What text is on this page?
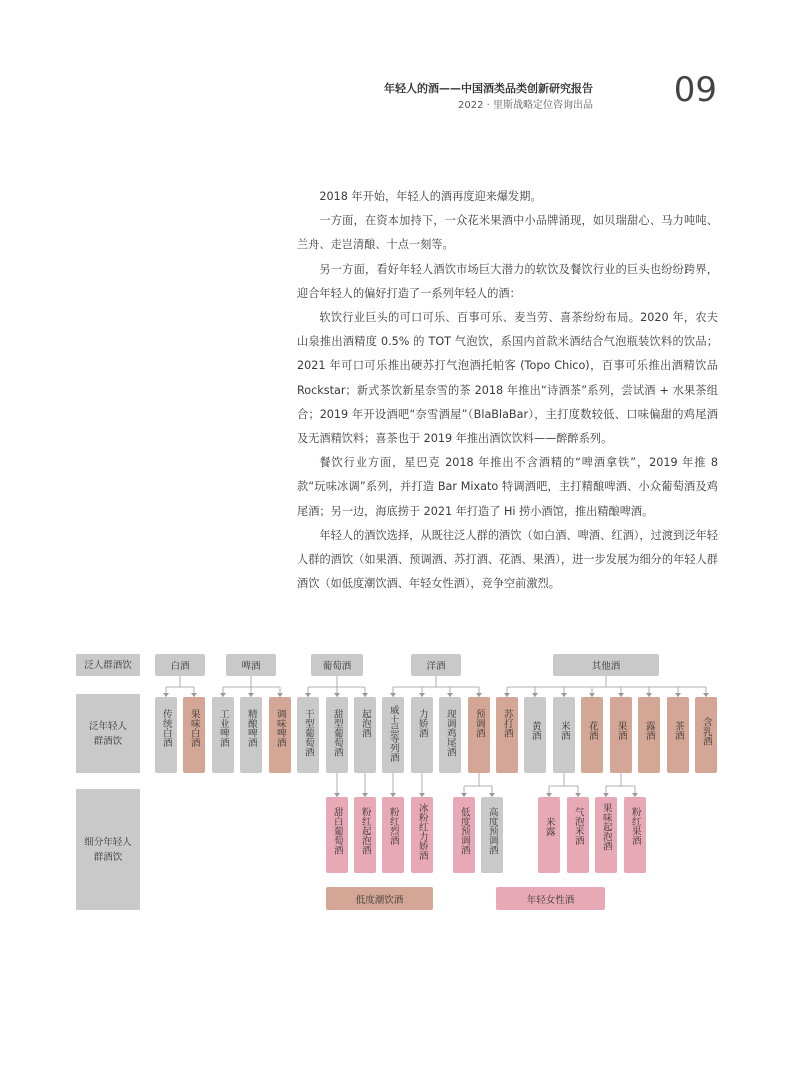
年轻人的酒——中国酒类品类创新研究报告
2022 · 里斯战略定位咨询出品 09

2018 年开始，年轻人的酒再度迎来爆发期。

一方面，在资本加持下，一众花米果酒中小品牌涌现，如贝瑞甜心、马力吨吨、兰舟、走岂清酿、十点一刻等。

另一方面，看好年轻人酒饮市场巨大潜力的软饮及餐饮行业的巨头也纷纷跨界，迎合年轻人的偏好打造了一系列年轻人的酒：

软饮行业巨头的可口可乐、百事可乐、麦当劳、喜茶纷纷布局。2020 年，农夫山泉推出酒精度 0.5% 的 TOT 气泡饮，系国内首款米酒结合气泡瓶装饮料的饮品；2021 年可口可乐推出硬苏打气泡酒托帕客 (Topo Chico)，百事可乐推出酒精饮品 Rockstar；新式茶饮新星奈雪的茶 2018 年推出“诗酒茶”系列，尝试酒 + 水果茶组合；2019 年开设酒吧“奈雪酒屋”（BlaBlaBar），主打度数较低、口味偏甜的鸡尾酒及无酒精饮料；喜茶也于 2019 年推出酒饮饮料——醉醉系列。

餐饮行业方面，星巴克 2018 年推出不含酒精的“啤酒拿铁”，2019 年推 8 款“玩味冰调”系列，并打造 Bar Mixato 特调酒吧，主打精酿啤酒、小众葡萄酒及鸡尾酒；另一边，海底捞于 2021 年打造了 Hi 捞小酒馆，推出精酿啤酒。

年轻人的酒饮选择，从既往泛人群的酒饮（如白酒、啤酒、红酒），过渡到泛年轻人群的酒饮（如果酒、预调酒、苏打酒、花酒、果酒），进一步发展为细分的年轻人群酒饮（如低度潮饮酒、年轻女性酒），竞争空前激烈。

泛人群酒饮
泛年轻人群酒饮
细分年轻人群酒饮
白酒	啤酒	葡萄酒	洋酒	其他酒
传统白酒 果味白酒 工业啤酒 精酿啤酒 调味啤酒 干型葡萄酒 甜型葡萄酒 起泡酒 威士忌等列酒 力娇酒 现调鸡尾酒 预调酒 苏打酒 黄酒 米酒 花酒 果酒 露酒 茶酒 含乳酒
甜白葡萄酒 粉红起泡酒 粉红烈酒 冰粉红力娇酒	低度预调酒 高度预调酒	米露 气泡米酒 果味起泡酒 粉红果酒
低度潮饮酒	年轻女性酒
